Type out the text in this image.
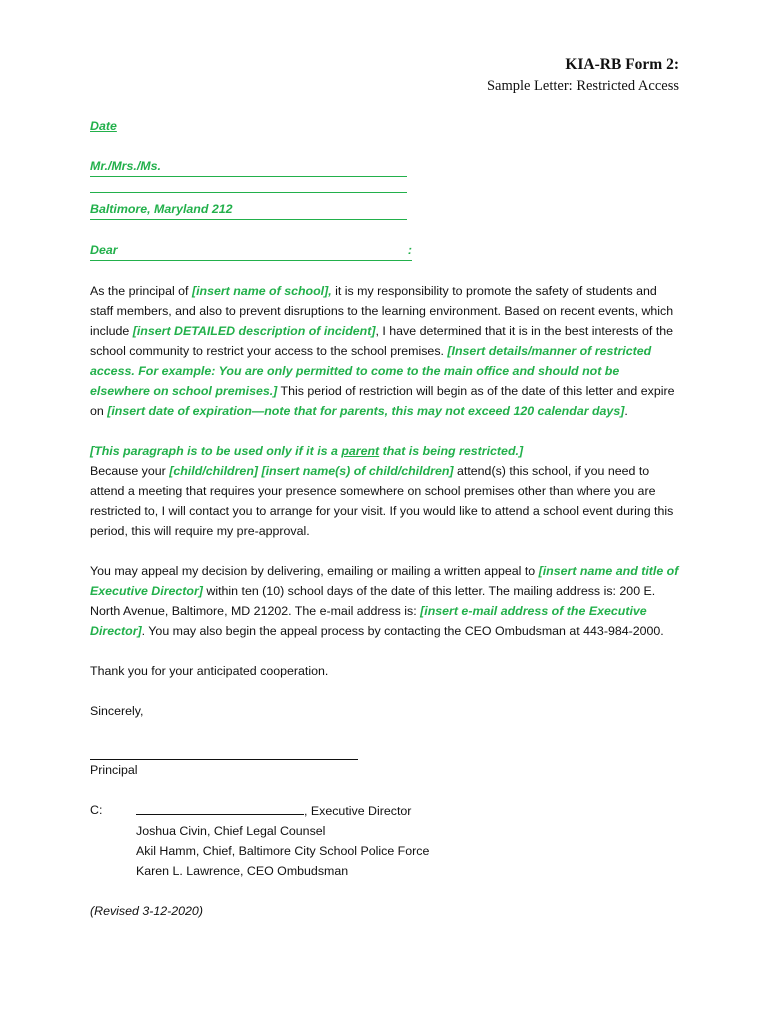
KIA-RB Form 2:
Sample Letter: Restricted Access
Date
Mr./Mrs./Ms.
Baltimore, Maryland 212
Dear	:
As the principal of [insert name of school], it is my responsibility to promote the safety of students and staff members, and also to prevent disruptions to the learning environment. Based on recent events, which include [insert DETAILED description of incident], I have determined that it is in the best interests of the school community to restrict your access to the school premises. [Insert details/manner of restricted access. For example: You are only permitted to come to the main office and should not be elsewhere on school premises.] This period of restriction will begin as of the date of this letter and expire on [insert date of expiration—note that for parents, this may not exceed 120 calendar days].
[This paragraph is to be used only if it is a parent that is being restricted.]
Because your [child/children] [insert name(s) of child/children] attend(s) this school, if you need to attend a meeting that requires your presence somewhere on school premises other than where you are restricted to, I will contact you to arrange for your visit. If you would like to attend a school event during this period, this will require my pre-approval.
You may appeal my decision by delivering, emailing or mailing a written appeal to [insert name and title of Executive Director] within ten (10) school days of the date of this letter. The mailing address is: 200 E. North Avenue, Baltimore, MD 21202. The e-mail address is: [insert e-mail address of the Executive Director]. You may also begin the appeal process by contacting the CEO Ombudsman at 443-984-2000.
Thank you for your anticipated cooperation.
Sincerely,
Principal
C:	, Executive Director
Joshua Civin, Chief Legal Counsel
Akil Hamm, Chief, Baltimore City School Police Force
Karen L. Lawrence, CEO Ombudsman
(Revised 3-12-2020)
